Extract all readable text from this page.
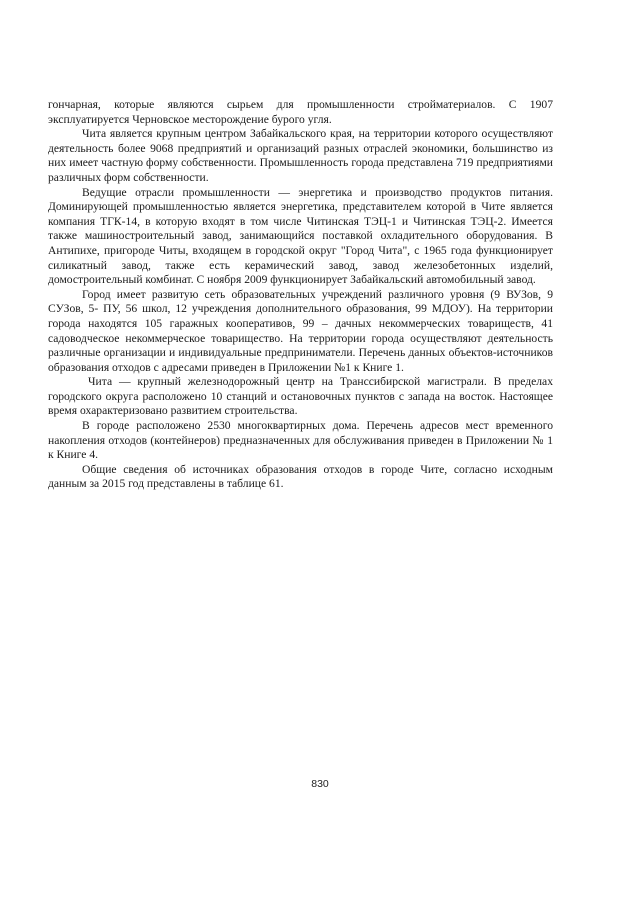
гончарная, которые являются сырьем для промышленности стройматериалов. С 1907 эксплуатируется Черновское месторождение бурого угля.

Чита является крупным центром Забайкальского края, на территории которого осуществляют деятельность более 9068 предприятий и организаций разных отраслей экономики, большинство из них имеет частную форму собственности. Промышленность города представлена 719 предприятиями различных форм собственности.

Ведущие отрасли промышленности — энергетика и производство продуктов питания. Доминирующей промышленностью является энергетика, представителем которой в Чите является компания ТГК-14, в которую входят в том числе Читинская ТЭЦ-1 и Читинская ТЭЦ-2. Имеется также машиностроительный завод, занимающийся поставкой охладительного оборудования. В Антипихе, пригороде Читы, входящем в городской округ "Город Чита", с 1965 года функционирует силикатный завод, также есть керамический завод, завод железобетонных изделий, домостроительный комбинат. С ноября 2009 функционирует Забайкальский автомобильный завод.

Город имеет развитую сеть образовательных учреждений различного уровня (9 ВУЗов, 9 СУЗов, 5- ПУ, 56 школ, 12 учреждения дополнительного образования, 99 МДОУ). На территории города находятся 105 гаражных кооперативов, 99 – дачных некоммерческих товариществ, 41 садоводческое некоммерческое товарищество. На территории города осуществляют деятельность различные организации и индивидуальные предприниматели. Перечень данных объектов-источников образования отходов с адресами приведен в Приложении №1 к Книге 1.

Чита — крупный железнодорожный центр на Транссибирской магистрали. В пределах городского округа расположено 10 станций и остановочных пунктов с запада на восток. Настоящее время охарактеризовано развитием строительства.

В городе расположено 2530 многоквартирных дома. Перечень адресов мест временного накопления отходов (контейнеров) предназначенных для обслуживания приведен в Приложении № 1 к Книге 4.

Общие сведения об источниках образования отходов в городе Чите, согласно исходным данным за 2015 год представлены в таблице 61.

830
